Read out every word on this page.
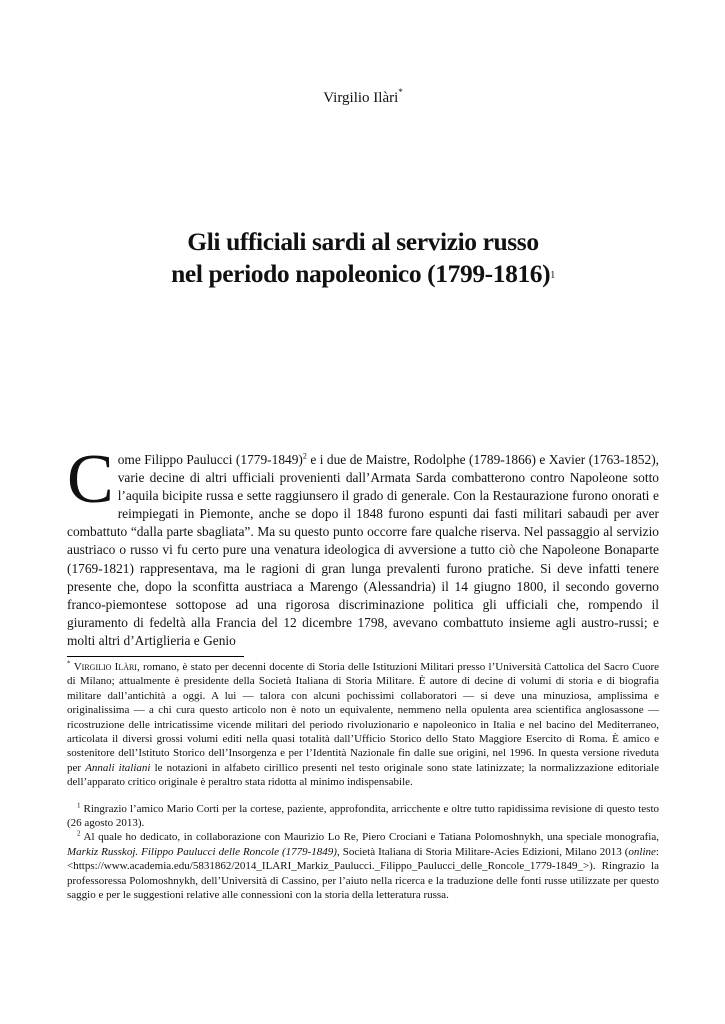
Virgilio Ilàri*
Gli ufficiali sardi al servizio russo
nel periodo napoleonico (1799-1816)$^1$

Come Filippo Paulucci (1779-1849)$^2$ e i due de Maistre, Rodolphe (1789-1866) e Xavier (1763-1852), varie decine di altri ufficiali provenienti dall’Armata Sarda combatterono contro Napoleone sotto l’aquila bicipite russa e sette raggiunsero il grado di generale. Con la Restaurazione furono onorati e reimpiegati in Piemonte, anche se dopo il 1848 furono espunti dai fasti militari sabaudi per aver combattuto “dalla parte sbagliata”. Ma su questo punto occorre fare qualche riserva. Nel passaggio al servizio austriaco o russo vi fu certo pure una venatura ideologica di avversione a tutto ciò che Napoleone Bonaparte (1769-1821) rappresentava, ma le ragioni di gran lunga prevalenti furono pratiche. Si deve infatti tenere presente che, dopo la sconfitta austriaca a Marengo (Alessandria) il 14 giugno 1800, il secondo governo franco-piemontese sottopose ad una rigorosa discriminazione politica gli ufficiali che, rompendo il giuramento di fedeltà alla Francia del 12 dicembre 1798, avevano combattuto insieme agli austro-russi; e molti altri d’Artiglieria e Genio

* Virgilio Ilàri, romano, è stato per decenni docente di Storia delle Istituzioni Militari presso l’Università Cattolica del Sacro Cuore di Milano; attualmente è presidente della Società Italiana di Storia Militare. È autore di decine di volumi di storia e di biografia militare dall’antichità a oggi. A lui — talora con alcuni pochissimi collaboratori — si deve una minuziosa, amplissima e originalissima — a chi cura questo articolo non è noto un equivalente, nemmeno nella opulenta area scientifica anglosassone — ricostruzione delle intricatissime vicende militari del periodo rivoluzionario e napoleonico in Italia e nel bacino del Mediterraneo, articolata il diversi grossi volumi editi nella quasi totalità dall’Ufficio Storico dello Stato Maggiore Esercito di Roma. È amico e sostenitore dell’Istituto Storico dell’Insorgenza e per l’Identità Nazionale fin dalle sue origini, nel 1996. In questa versione riveduta per Annali italiani le notazioni in alfabeto cirillico presenti nel testo originale sono state latinizzate; la normalizzazione editoriale dell’apparato critico originale è peraltro stata ridotta al minimo indispensabile.

$^1$ Ringrazio l’amico Mario Corti per la cortese, paziente, approfondita, arricchente e oltre tutto rapidissima revisione di questo testo (26 agosto 2013).

$^2$ Al quale ho dedicato, in collaborazione con Maurizio Lo Re, Piero Crociani e Tatiana Polomoshnykh, una speciale monografia, Markiz Russkoj. Filippo Paulucci delle Roncole (1779-1849), Società Italiana di Storia Militare-Acies Edizioni, Milano 2013 (online: <https://www.academia.edu/5831862/2014_ILARI_Markiz_Paulucci._Filippo_Paulucci_delle_Roncole_1779-1849_>). Ringrazio la professoressa Polomoshnykh, dell’Università di Cassino, per l’aiuto nella ricerca e la traduzione delle fonti russe utilizzate per questo saggio e per le suggestioni relative alle connessioni con la storia della letteratura russa.
